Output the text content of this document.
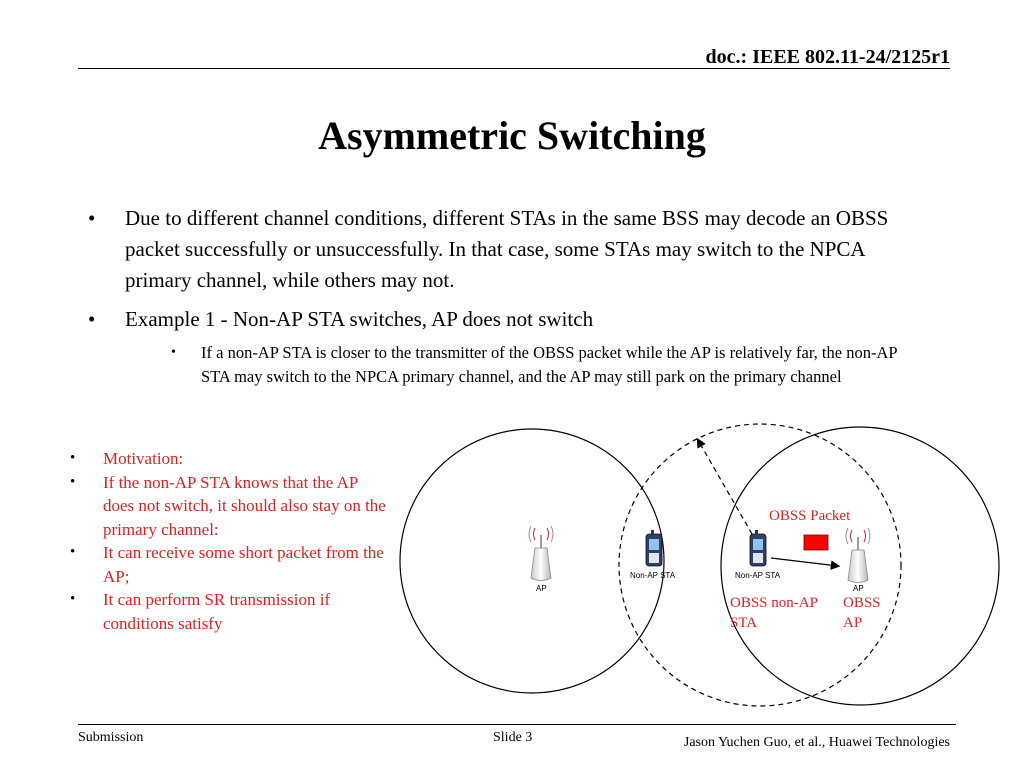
doc.: IEEE 802.11-24/2125r1
Asymmetric Switching
• Due to different channel conditions, different STAs in the same BSS may decode an OBSS packet successfully or unsuccessfully. In that case, some STAs may switch to the NPCA primary channel, while others may not.
• Example 1 - Non-AP STA switches, AP does not switch
• If a non-AP STA is closer to the transmitter of the OBSS packet while the AP is relatively far, the non-AP STA may switch to the NPCA primary channel, and the AP may still park on the primary channel
• Motivation:
• If the non-AP STA knows that the AP does not switch, it should also stay on the primary channel:
• It can receive some short packet from the AP;
• It can perform SR transmission if conditions satisfy
AP
Non-AP STA	Non-AP STA
AP
OBSS Packet
OBSS non-AP STA
OBSS AP
Submission	Slide 3	Jason Yuchen Guo, et al., Huawei Technologies
